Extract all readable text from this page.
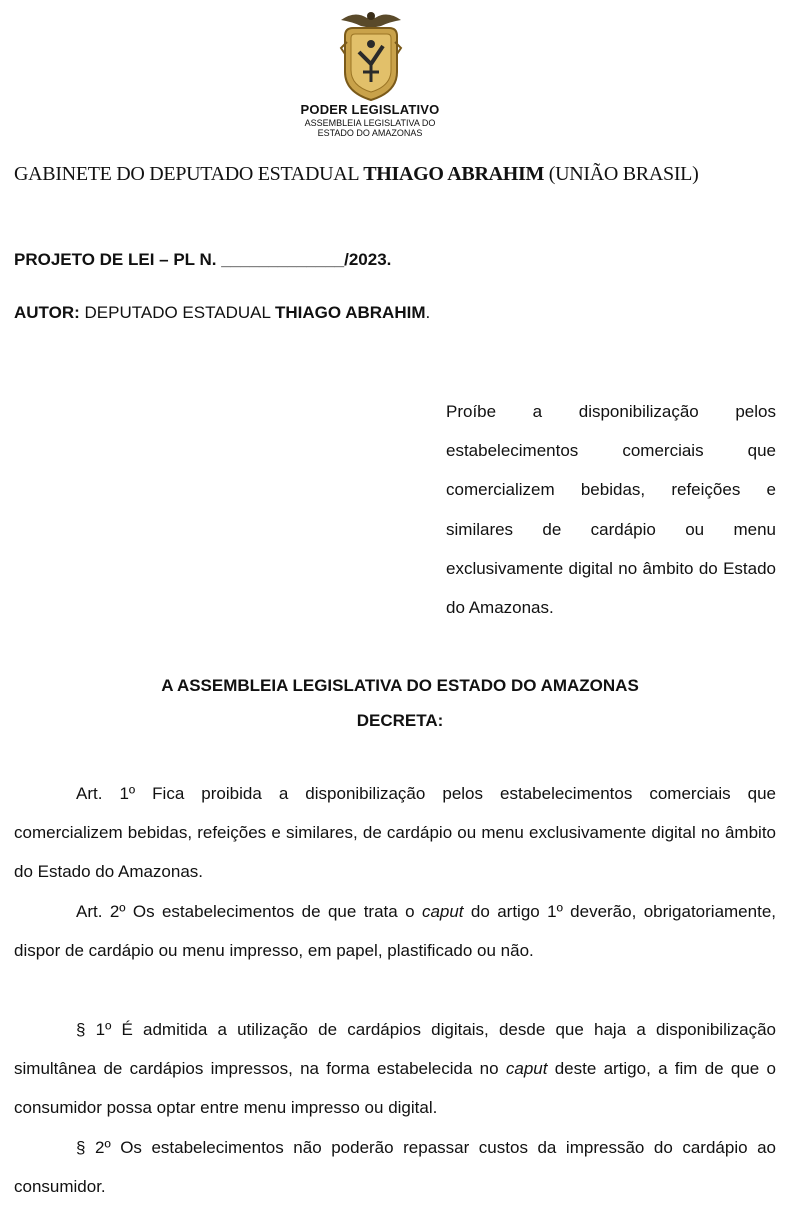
PODER LEGISLATIVO
ASSEMBLEIA LEGISLATIVA DO
ESTADO DO AMAZONAS
GABINETE DO DEPUTADO ESTADUAL THIAGO ABRAHIM (UNIÃO BRASIL)
PROJETO DE LEI – PL N. _____________/2023.
AUTOR: DEPUTADO ESTADUAL THIAGO ABRAHIM.
Proíbe a disponibilização pelos estabelecimentos comerciais que comercializem bebidas, refeições e similares de cardápio ou menu exclusivamente digital no âmbito do Estado do Amazonas.
A ASSEMBLEIA LEGISLATIVA DO ESTADO DO AMAZONAS
DECRETA:
Art. 1º Fica proibida a disponibilização pelos estabelecimentos comerciais que comercializem bebidas, refeições e similares, de cardápio ou menu exclusivamente digital no âmbito do Estado do Amazonas.
Art. 2º Os estabelecimentos de que trata o caput do artigo 1º deverão, obrigatoriamente, dispor de cardápio ou menu impresso, em papel, plastificado ou não.
§ 1º É admitida a utilização de cardápios digitais, desde que haja a disponibilização simultânea de cardápios impressos, na forma estabelecida no caput deste artigo, a fim de que o consumidor possa optar entre menu impresso ou digital.
§ 2º Os estabelecimentos não poderão repassar custos da impressão do cardápio ao consumidor.
